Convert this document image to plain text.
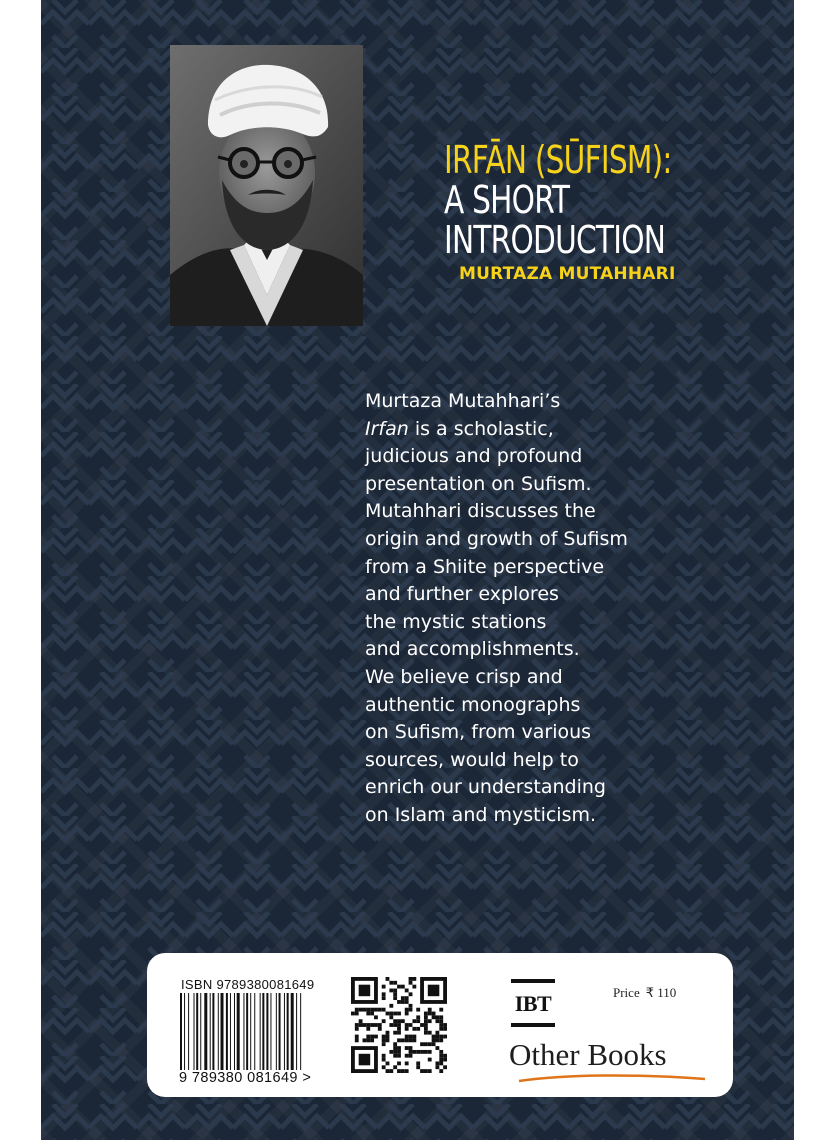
IRFĀN (SŪFISM):
A SHORT
INTRODUCTION
MURTAZA MUTAHHARI

Murtaza Mutahhari’s

Irfan is a scholastic,

judicious and profound

presentation on Sufism.

Mutahhari discusses the

origin and growth of Sufism

from a Shiite perspective

and further explores

the mystic stations

and accomplishments.

We believe crisp and

authentic monographs

on Sufism, from various

sources, would help to

enrich our understanding

on Islam and mysticism.

ISBN 9789380081649
9 789380 081649 >
IBT	Price ₹ 110
Other Books
